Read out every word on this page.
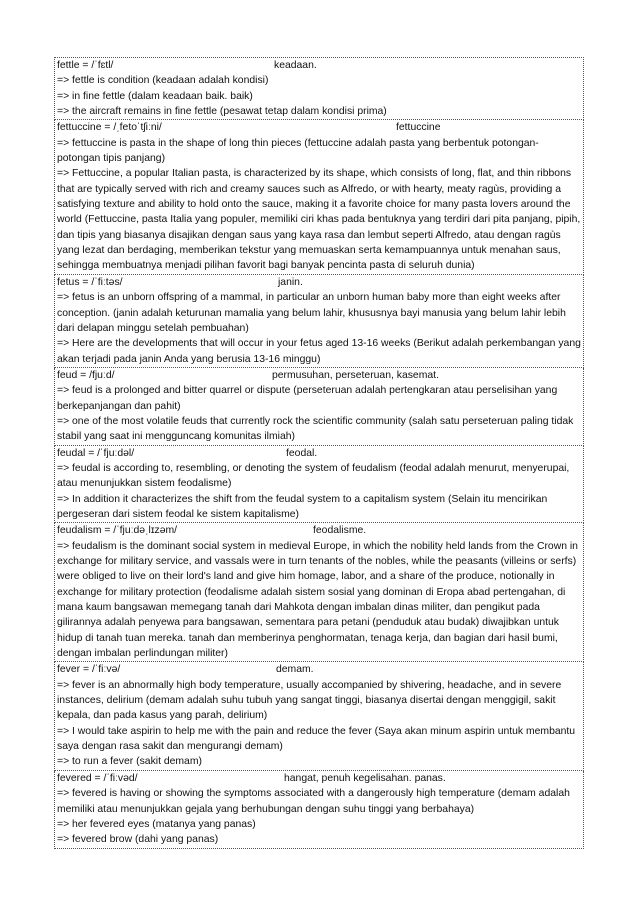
fettle = /ˈfɛtl/	keadaan.
=> fettle is condition (keadaan adalah kondisi)
=> in fine fettle (dalam keadaan baik. baik)
=> the aircraft remains in fine fettle (pesawat tetap dalam kondisi prima)
fettuccine = /ˌfetoˈtʃiːni/	fettuccine
=> fettuccine is pasta in the shape of long thin pieces (fettuccine adalah pasta yang berbentuk potongan-potongan tipis panjang)
=> Fettuccine, a popular Italian pasta, is characterized by its shape, which consists of long, flat, and thin ribbons that are typically served with rich and creamy sauces such as Alfredo, or with hearty, meaty ragùs, providing a satisfying texture and ability to hold onto the sauce, making it a favorite choice for many pasta lovers around the world (Fettuccine, pasta Italia yang populer, memiliki ciri khas pada bentuknya yang terdiri dari pita panjang, pipih, dan tipis yang biasanya disajikan dengan saus yang kaya rasa dan lembut seperti Alfredo, atau dengan ragùs yang lezat dan berdaging, memberikan tekstur yang memuaskan serta kemampuannya untuk menahan saus, sehingga membuatnya menjadi pilihan favorit bagi banyak pencinta pasta di seluruh dunia)
fetus = /ˈfiːtəs/	janin.
=> fetus is an unborn offspring of a mammal, in particular an unborn human baby more than eight weeks after conception. (janin adalah keturunan mamalia yang belum lahir, khususnya bayi manusia yang belum lahir lebih dari delapan minggu setelah pembuahan)
=> Here are the developments that will occur in your fetus aged 13-16 weeks (Berikut adalah perkembangan yang akan terjadi pada janin Anda yang berusia 13-16 minggu)
feud = /fjuːd/	permusuhan, perseteruan, kasemat.
=> feud is a prolonged and bitter quarrel or dispute (perseteruan adalah pertengkaran atau perselisihan yang berkepanjangan dan pahit)
=> one of the most volatile feuds that currently rock the scientific community (salah satu perseteruan paling tidak stabil yang saat ini mengguncang komunitas ilmiah)
feudal = /ˈfjuːdəl/	feodal.
=> feudal is according to, resembling, or denoting the system of feudalism (feodal adalah menurut, menyerupai, atau menunjukkan sistem feodalisme)
=> In addition it characterizes the shift from the feudal system to a capitalism system (Selain itu mencirikan pergeseran dari sistem feodal ke sistem kapitalisme)
feudalism = /ˈfjuːdəˌlɪzəm/	feodalisme.
=> feudalism is the dominant social system in medieval Europe, in which the nobility held lands from the Crown in exchange for military service, and vassals were in turn tenants of the nobles, while the peasants (villeins or serfs) were obliged to live on their lord's land and give him homage, labor, and a share of the produce, notionally in exchange for military protection (feodalisme adalah sistem sosial yang dominan di Eropa abad pertengahan, di mana kaum bangsawan memegang tanah dari Mahkota dengan imbalan dinas militer, dan pengikut pada gilirannya adalah penyewa para bangsawan, sementara para petani (penduduk atau budak) diwajibkan untuk hidup di tanah tuan mereka. tanah dan memberinya penghormatan, tenaga kerja, dan bagian dari hasil bumi, dengan imbalan perlindungan militer)
fever = /ˈfiːvə/	demam.
=> fever is an abnormally high body temperature, usually accompanied by shivering, headache, and in severe instances, delirium (demam adalah suhu tubuh yang sangat tinggi, biasanya disertai dengan menggigil, sakit kepala, dan pada kasus yang parah, delirium)
=> I would take aspirin to help me with the pain and reduce the fever (Saya akan minum aspirin untuk membantu saya dengan rasa sakit dan mengurangi demam)
=> to run a fever (sakit demam)
fevered = /ˈfiːvəd/	hangat, penuh kegelisahan. panas.
=> fevered is having or showing the symptoms associated with a dangerously high temperature (demam adalah memiliki atau menunjukkan gejala yang berhubungan dengan suhu tinggi yang berbahaya)
=> her fevered eyes (matanya yang panas)
=> fevered brow (dahi yang panas)
